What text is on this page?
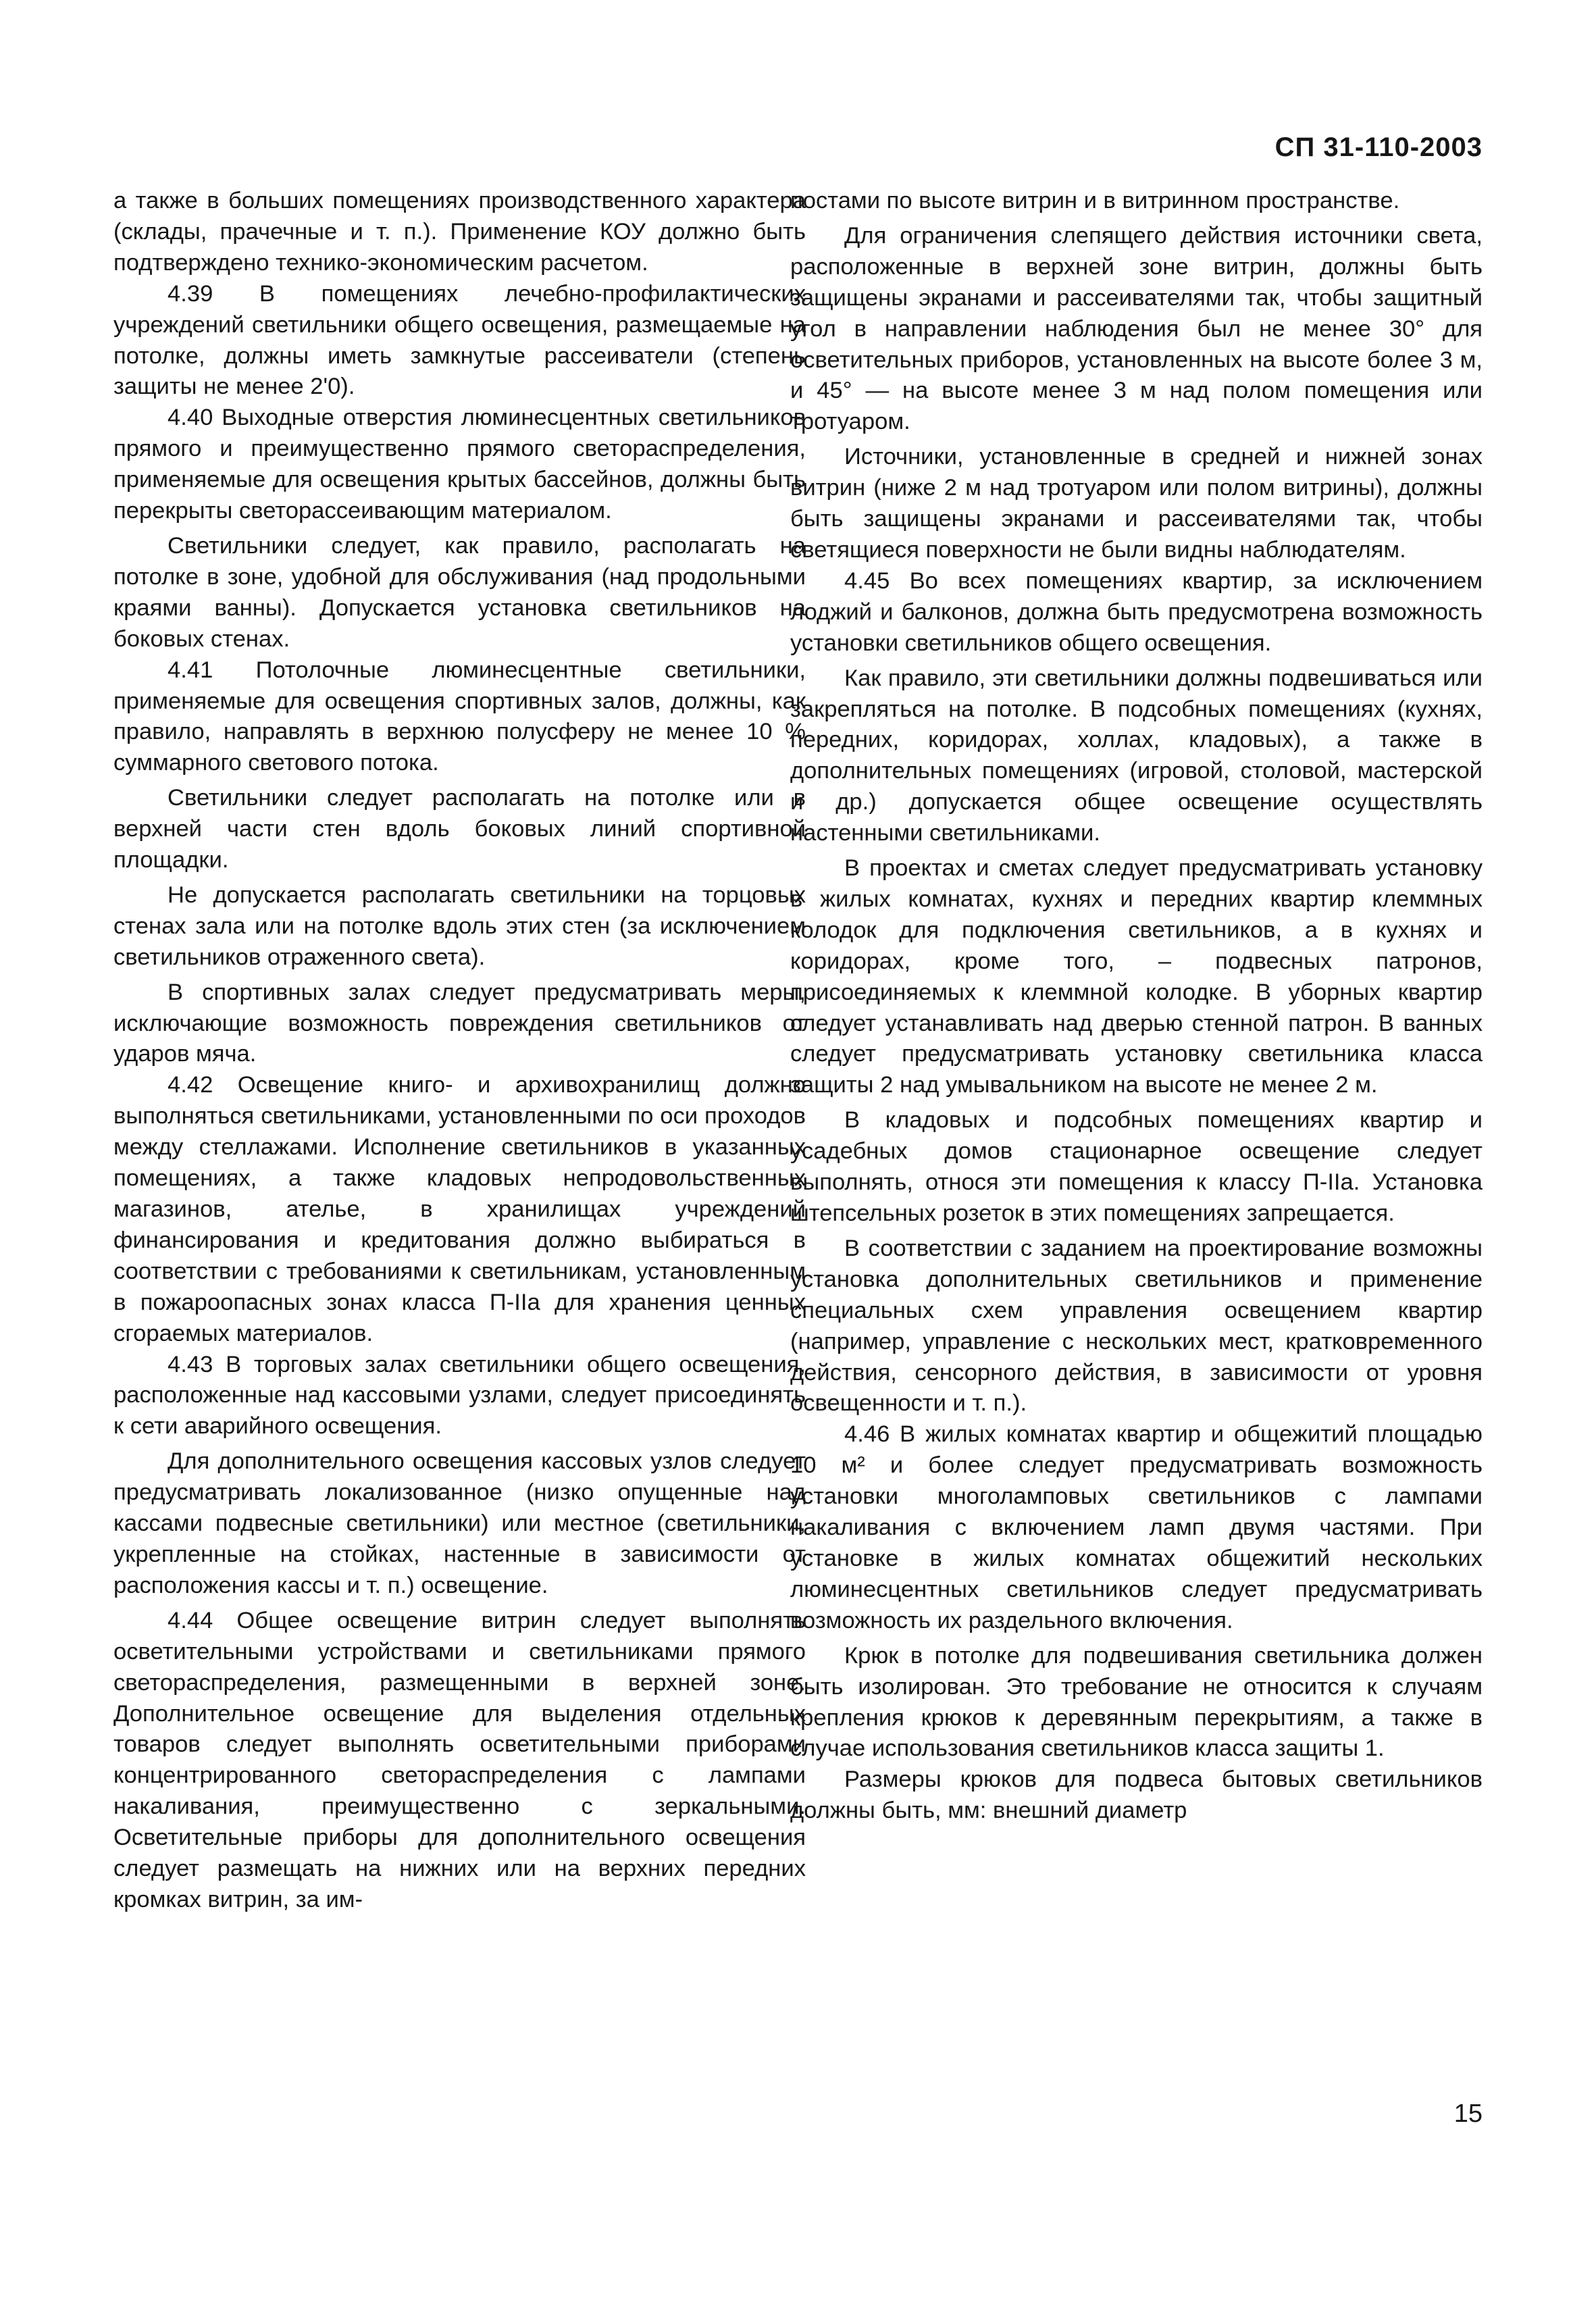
СП 31-110-2003

а также в больших помещениях производственного характера (склады, прачечные и т. п.). Применение КОУ должно быть подтверждено технико-экономическим расчетом.

4.39 В помещениях лечебно-профилактических учреждений светильники общего освещения, размещаемые на потолке, должны иметь замкнутые рассеиватели (степень защиты не менее 2'0).

4.40 Выходные отверстия люминесцентных светильников прямого и преимущественно прямого светораспределения, применяемые для освещения крытых бассейнов, должны быть перекрыты светорассеивающим материалом.

Светильники следует, как правило, располагать на потолке в зоне, удобной для обслуживания (над продольными краями ванны). Допускается установка светильников на боковых стенах.

4.41 Потолочные люминесцентные светильники, применяемые для освещения спортивных залов, должны, как правило, направлять в верхнюю полусферу не менее 10 % суммарного светового потока.

Светильники следует располагать на потолке или в верхней части стен вдоль боковых линий спортивной площадки.

Не допускается располагать светильники на торцовых стенах зала или на потолке вдоль этих стен (за исключением светильников отраженного света).

В спортивных залах следует предусматривать меры, исключающие возможность повреждения светильников от ударов мяча.

4.42 Освещение книго- и архивохранилищ должно выполняться светильниками, установленными по оси проходов между стеллажами. Исполнение светильников в указанных помещениях, а также кладовых непродовольственных магазинов, ателье, в хранилищах учреждений финансирования и кредитования должно выбираться в соответствии с требованиями к светильникам, установленным в пожароопасных зонах класса П-IIа для хранения ценных сгораемых материалов.

4.43 В торговых залах светильники общего освещения, расположенные над кассовыми узлами, следует присоединять к сети аварийного освещения.

Для дополнительного освещения кассовых узлов следует предусматривать локализованное (низко опущенные над кассами подвесные светильники) или местное (светильники, укрепленные на стойках, настенные в зависимости от расположения кассы и т. п.) освещение.

4.44 Общее освещение витрин следует выполнять осветительными устройствами и светильниками прямого светораспределения, размещенными в верхней зоне. Дополнительное освещение для выделения отдельных товаров следует выполнять осветительными приборами концентрированного светораспределения с лампами накаливания, преимущественно с зеркальными. Осветительные приборы для дополнительного освещения следует размещать на нижних или на верхних передних кромках витрин, за им-

постами по высоте витрин и в витринном пространстве.

Для ограничения слепящего действия источники света, расположенные в верхней зоне витрин, должны быть защищены экранами и рассеивателями так, чтобы защитный угол в направлении наблюдения был не менее 30° для осветительных приборов, установленных на высоте более 3 м, и 45° — на высоте менее 3 м над полом помещения или тротуаром.

Источники, установленные в средней и нижней зонах витрин (ниже 2 м над тротуаром или полом витрины), должны быть защищены экранами и рассеивателями так, чтобы светящиеся поверхности не были видны наблюдателям.

4.45 Во всех помещениях квартир, за исключением лоджий и балконов, должна быть предусмотрена возможность установки светильников общего освещения.

Как правило, эти светильники должны подвешиваться или закрепляться на потолке. В подсобных помещениях (кухнях, передних, коридорах, холлах, кладовых), а также в дополнительных помещениях (игровой, столовой, мастерской и др.) допускается общее освещение осуществлять настенными светильниками.

В проектах и сметах следует предусматривать установку в жилых комнатах, кухнях и передних квартир клеммных колодок для подключения светильников, а в кухнях и коридорах, кроме того, – подвесных патронов, присоединяемых к клеммной колодке. В уборных квартир следует устанавливать над дверью стенной патрон. В ванных следует предусматривать установку светильника класса защиты 2 над умывальником на высоте не менее 2 м.

В кладовых и подсобных помещениях квартир и усадебных домов стационарное освещение следует выполнять, относя эти помещения к классу П-IIа. Установка штепсельных розеток в этих помещениях запрещается.

В соответствии с заданием на проектирование возможны установка дополнительных светильников и применение специальных схем управления освещением квартир (например, управление с нескольких мест, кратковременного действия, сенсорного действия, в зависимости от уровня освещенности и т. п.).

4.46 В жилых комнатах квартир и общежитий площадью 10 м² и более следует предусматривать возможность установки многоламповых светильников с лампами накаливания с включением ламп двумя частями. При установке в жилых комнатах общежитий нескольких люминесцентных светильников следует предусматривать возможность их раздельного включения.

Крюк в потолке для подвешивания светильника должен быть изолирован. Это требование не относится к случаям крепления крюков к деревянным перекрытиям, а также в случае использования светильников класса защиты 1.

Размеры крюков для подвеса бытовых светильников должны быть, мм: внешний диаметр

15
